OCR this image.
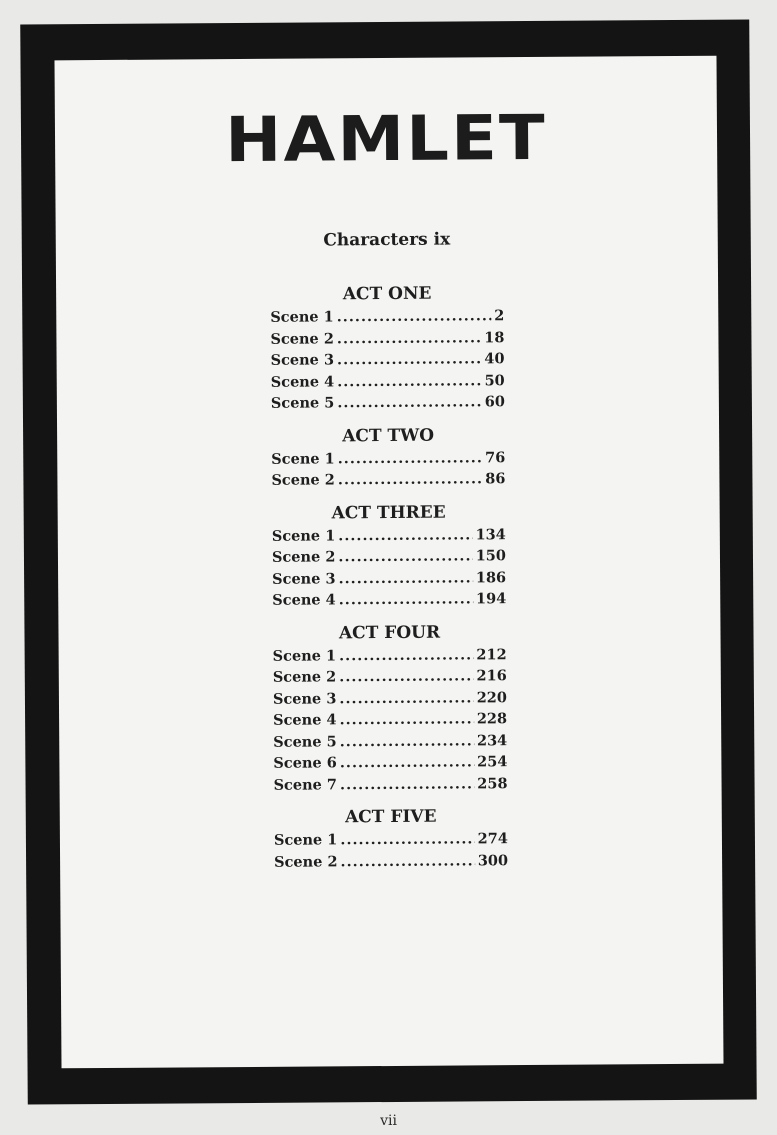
HAMLET
Characters ix
ACT ONE
Scene 1 .....	2
Scene 2 .....	18
Scene 3 .....	40
Scene 4 .....	50
Scene 5 .....	60
ACT TWO
Scene 1 .....	76
Scene 2 .....	86
ACT THREE
Scene 1 .....	134
Scene 2 .....	150
Scene 3 .....	186
Scene 4 .....	194
ACT FOUR
Scene 1 .....	212
Scene 2 .....	216
Scene 3 .....	220
Scene 4 .....	228
Scene 5 .....	234
Scene 6 .....	254
Scene 7 .....	258
ACT FIVE
Scene 1 .....	274
Scene 2 .....	300
vii
